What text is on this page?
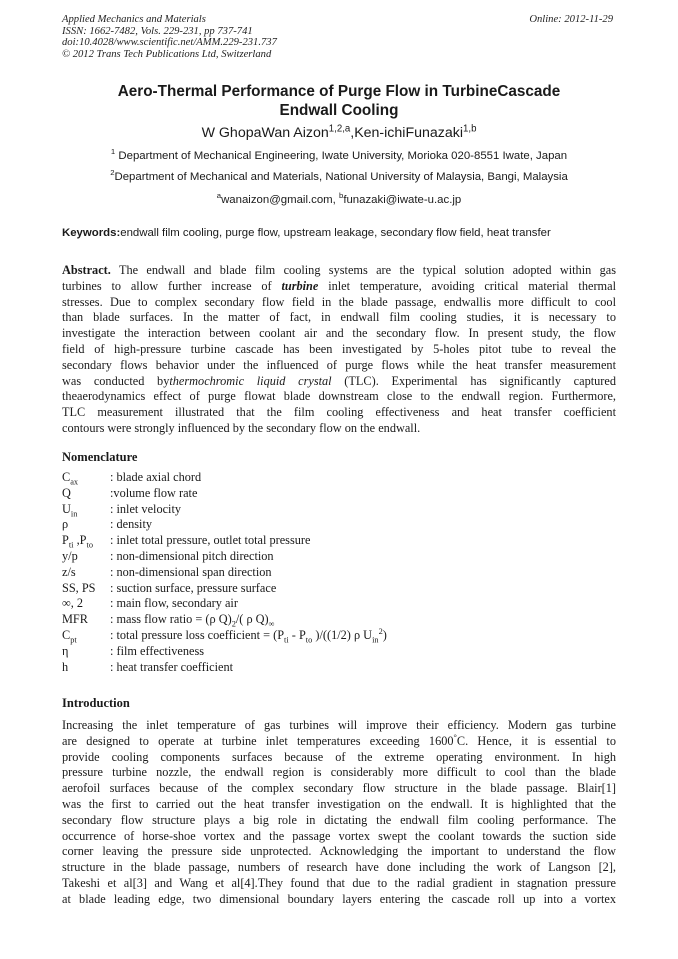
Applied Mechanics and Materials
ISSN: 1662-7482, Vols. 229-231, pp 737-741
doi:10.4028/www.scientific.net/AMM.229-231.737
© 2012 Trans Tech Publications Ltd, Switzerland
Online: 2012-11-29
Aero-Thermal Performance of Purge Flow in TurbineCascade
Endwall Cooling
W GhopaWan Aizon$^{1,2,a}$,Ken-ichiFunazaki$^{1,b}$
$^1$ Department of Mechanical Engineering, Iwate University, Morioka 020-8551 Iwate, Japan
$^2$Department of Mechanical and Materials, National University of Malaysia, Bangi, Malaysia
$^a$wanaizon@gmail.com, $^b$funazaki@iwate-u.ac.jp
Keywords:endwall film cooling, purge flow, upstream leakage, secondary flow field, heat transfer
Abstract. The endwall and blade film cooling systems are the typical solution adopted within gas
turbines to allow further increase of turbine inlet temperature, avoiding critical material thermal
stresses. Due to complex secondary flow field in the blade passage, endwallis more difficult to cool
than blade surfaces. In the matter of fact, in endwall film cooling studies, it is necessary to
investigate the interaction between coolant air and the secondary flow. In present study, the flow
field of high-pressure turbine cascade has been investigated by 5-holes pitot tube to reveal the
secondary flows behavior under the influenced of purge flows while the heat transfer measurement
was conducted bythermochromic liquid crystal (TLC). Experimental has significantly captured
theaerodynamics effect of purge flowat blade downstream close to the endwall region. Furthermore,
TLC measurement illustrated that the film cooling effectiveness and heat transfer coefficient
contours were strongly influenced by the secondary flow on the endwall.
Nomenclature
$C_{ax}$	: blade axial chord
Q	:volume flow rate
$U_{in}$	: inlet velocity
ρ	: density
$P_{ti}$ $,P_{to}$	: inlet total pressure, outlet total pressure
y/p	: non-dimensional pitch direction
z/s	: non-dimensional span direction
SS, PS	: suction surface, pressure surface
∞, 2	: main flow, secondary air
MFR	: mass flow ratio = (ρ $Q)_2/$( ρ $Q)_\infty$
$C_{pt}$	: total pressure loss coefficient = ($P_{ti} - P_{to}$ )/((1/2) ρ $U_{in}^2$)
η	: film effectiveness
h	: heat transfer coefficient
Introduction
Increasing the inlet temperature of gas turbines will improve their efficiency. Modern gas turbine
are designed to operate at turbine inlet temperatures exceeding 1600°C. Hence, it is essential to
provide cooling components surfaces because of the extreme operating environment. In high
pressure turbine nozzle, the endwall region is considerably more difficult to cool than the blade
aerofoil surfaces because of the complex secondary flow structure in the blade passage. Blair[1]
was the first to carried out the heat transfer investigation on the endwall. It is highlighted that the
secondary flow structure plays a big role in dictating the endwall film cooling performance. The
occurrence of horse-shoe vortex and the passage vortex swept the coolant towards the suction side
corner leaving the pressure side unprotected. Acknowledging the important to understand the flow
structure in the blade passage, numbers of research have done including the work of Langson [2],
Takeshi et al[3] and Wang et al[4].They found that due to the radial gradient in stagnation pressure
at blade leading edge, two dimensional boundary layers entering the cascade roll up into a vortex
